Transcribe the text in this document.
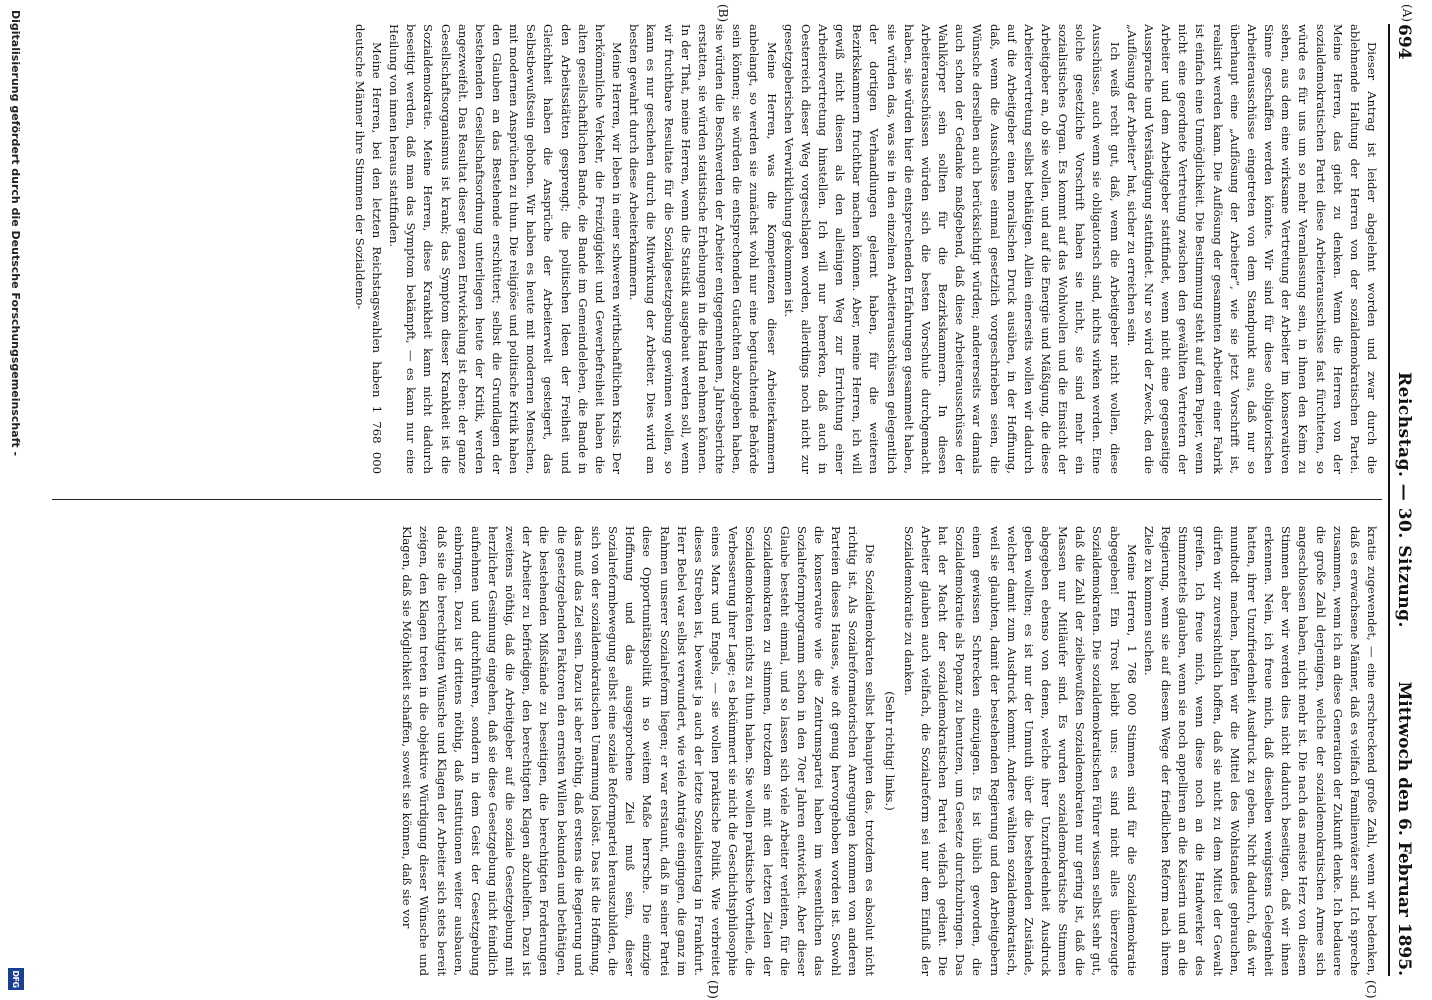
694
Reichstag. — 30. Sitzung.
Mittwoch den 6. Februar 1895.
(A)
(B)
(C)
(D)

Dieser Antrag ist leider abgelehnt worden und zwar durch die ablehnende Haltung der Herren von der sozialdemokratischen Partei. Meine Herren, das giebt zu denken. Wenn die Herren von der sozialdemokratischen Partei diese Arbeiterausschüsse fast fürchteten, so würde es für uns um so mehr Veranlassung sein, in ihnen den Keim zu sehen, aus dem eine wirksame Vertretung der Arbeiter im konservativen Sinne geschaffen werden könnte. Wir sind für diese obligatorischen Arbeiterausschüsse eingetreten von dem Standpunkt aus, daß nur so überhaupt eine „Auflösung der Arbeiter“, wie sie jetzt Vorschrift ist, realisirt werden kann. Die Auflösung der gesammten Arbeiter einer Fabrik ist einfach eine Unmöglichkeit. Die Bestimmung steht auf dem Papier, wenn nicht eine geordnete Vertretung zwischen den gewählten Vertretern der Arbeiter und dem Arbeitgeber stattfindet, wenn nicht eine gegenseitige Aussprache und Verständigung stattfindet. Nur so wird der Zweck, den die „Auflösung der Arbeiter“ hat, sicher zu erreichen sein.

Ich weiß recht gut, daß, wenn die Arbeitgeber nicht wollen, diese Ausschüsse, auch wenn sie obligatorisch sind, nichts wirken werden. Eine solche gesetzliche Vorschrift haben sie nicht, sie sind mehr ein sozialistisches Organ. Es kommt auf das Wohlwollen und die Einsicht der Arbeitgeber an, ob sie wollen, und auf die Energie und Mäßigung, die diese Arbeitervertretung selbst bethätigen. Allein einerseits wollen wir dadurch auf die Arbeitgeber einen moralischen Druck ausüben, in der Hoffnung, daß, wenn die Ausschüsse einmal gesetzlich vorgeschrieben seien, die Wünsche derselben auch berücksichtigt würden; andererseits war damals auch schon der Gedanke maßgebend, daß diese Arbeiterausschüsse der Wahlkörper sein sollten für die Bezirkskammern. In diesen Arbeiterausschüssen würden sich die besten Vorschule durchgemacht haben, sie würden hier die entsprechenden Erfahrungen gesammelt haben, sie würden das, was sie in den einzelnen Arbeiterausschüssen gelegentlich der dortigen Verhandlungen gelernt haben, für die weiteren Bezirkskammern fruchtbar machen können. Aber, meine Herren, ich will gewiß nicht diesen als den alleinigen Weg zur Errichtung einer Arbeitervertretung hinstellen. Ich will nur bemerken, daß auch in Oesterreich dieser Weg vorgeschlagen worden, allerdings noch nicht zur gesetzgeberischen Verwirklichung gekommen ist.

Meine Herren, was die Kompetenzen dieser Arbeiterkammern anbelangt, so werden sie zunächst wohl nur eine begutachtende Behörde sein können; sie würden die entsprechenden Gutachten abzugeben haben, sie würden die Beschwerden der Arbeiter entgegennehmen, Jahresberichte erstatten, sie würden statistische Erhebungen in die Hand nehmen können. In der That, meine Herren, wenn die Statistik ausgebaut werden soll, wenn wir fruchtbare Resultate für die Sozialgesetzgebung gewinnen wollen, so kann es nur geschehen durch die Mitwirkung der Arbeiter. Dies wird am besten gewahrt durch diese Arbeiterkammern.

Meine Herren, wir leben in einer schweren wirthschaftlichen Krisis. Der herkömmliche Verkehr, die Freizügigkeit und Gewerbefreiheit haben die alten gesellschaftlichen Bande, die Bande im Gemeindeleben, die Bande in den Arbeitsstätten gesprengt; die politischen Ideen der Freiheit und Gleichheit haben die Ansprüche der Arbeiterwelt gesteigert, das Selbstbewußtsein gehoben. Wir haben es heute mit modernen Menschen, mit modernen Ansprüchen zu thun. Die religiöse und politische Kritik haben den Glauben an das Bestehende erschüttert; selbst die Grundlagen der bestehenden Gesellschaftsordnung unterliegen heute der Kritik, werden angezweifelt. Das Resultat dieser ganzen Entwickelung ist eben: der ganze Gesellschaftsorganismus ist krank; das Symptom dieser Krankheit ist die Sozialdemokratie. Meine Herren, diese Krankheit kann nicht dadurch beseitigt werden, daß man das Symptom bekämpft, — es kann nur eine Heilung von innen heraus stattfinden.

Meine Herren, bei den letzten Reichstagswahlen haben 1 768 000 deutsche Männer ihre Stimmen der Sozialdemo-

kratie zugewendet, — eine erschreckend große Zahl, wenn wir bedenken, daß es erwachsene Männer, daß es vielfach Familienväter sind. Ich spreche zusammen, wenn ich an diese Generation der Zukunft denke. Ich bedauere die große Zahl derjenigen, welche der sozialdemokratischen Armee sich angeschlossen haben, nicht mehr ist. Die nach das meiste Herz von diesem Stimmen aber wir werden dies nicht dadurch beseitigen, daß wir ihnen erkennen. Nein, ich freue mich, daß dieselben wenigstens Gelegenheit hatten, ihrer Unzufriedenheit Ausdruck zu geben. Nicht dadurch, daß wir mundtodt machen, helfen wir die Mittel des Wohlstandes gebrauchen, dürfen wir zuversichtlich hoffen, daß sie nicht zu dem Mittel der Gewalt greifen. Ich freue mich, wenn diese noch an die Handwerker des Stimmzettels glauben, wenn sie noch appelliren an die Kaiserin und an die Regierung, wenn sie auf diesem Wege der friedlichen Reform nach ihrem Ziele zu kommen suchen.

Meine Herren, 1 768 000 Stimmen sind für die Sozialdemokratie abgegeben! Ein Trost bleibt uns: es sind nicht alles überzeugte Sozialdemokraten. Die sozialdemokratischen Führer wissen selbst sehr gut, daß die Zahl der zielbewußten Sozialdemokraten nur gering ist, daß die Massen nur Mitläufer sind. Es wurden sozialdemokratische Stimmen abgegeben ebenso von denen, welche ihrer Unzufriedenheit Ausdruck geben wollten; es ist nur der Unmuth über die bestehenden Zustände, welcher damit zum Ausdruck kommt. Andere wählten sozialdemokratisch, weil sie glaubten, damit der bestehenden Regierung und den Arbeitgebern einen gewissen Schrecken einzujagen. Es ist üblich geworden, die Sozialdemokratie als Popanz zu benutzen, um Gesetze durchzubringen. Das hat der Macht der sozialdemokratischen Partei vielfach gedient. Die Arbeiter glauben auch vielfach, die Sozialreform sei nur dem Einfluß der Sozialdemokratie zu danken.

(Sehr richtig! links.)

Die Sozialdemokraten selbst behaupten das, trotzdem es absolut nicht richtig ist. Als Sozialreformatorischen Anregungen kommen von anderen Parteien dieses Hauses, wie oft genug hervorgehoben worden ist. Sowohl die konservative wie die Zentrumspartei haben im wesentlichen das Sozialreformprogramm schon in den 70er Jahren entwickelt. Aber dieser Glaube besteht einmal, und so lassen sich viele Arbeiter verleiten, für die Sozialdemokraten zu stimmen, trotzdem sie mit den letzten Zielen der Sozialdemokraten nichts zu thun haben. Sie wollen praktische Vortheile, die Verbesserung ihrer Lage; es bekümmert sie nicht die Geschichtsphilosophie eines Marx und Engels, — sie wollen praktische Politik. Wie verbreitet dieses Streben ist, beweist ja auch der letzte Sozialistentag in Frankfurt. Herr Bebel war selbst verwundert, wie viele Anträge eingingen, die ganz im Rahmen unserer Sozialreform liegen; er war erstaunt, daß in seiner Partei diese Opportunitätspolitik in so weitem Maße herrsche. Die einzige Hoffnung und das ausgesprochene Ziel muß sein, dieser Sozialreformbewegung selbst eine soziale Reformpartei herauszubilden, die sich von der sozialdemokratischen Umarmung loslöst. Das ist die Hoffnung, das muß das Ziel sein. Dazu ist aber nöthig, daß erstens die Regierung und die gesetzgebenden Faktoren den ernsten Willen bekunden und bethätigen, die bestehenden Mißstände zu beseitigen, die berechtigten Forderungen der Arbeiter zu befriedigen, den berechtigten Klagen abzuhelfen. Dazu ist zweitens nöthig, daß die Arbeitgeber auf die soziale Gesetzgebung mit herzlicher Gesinnung eingehen, daß sie diese Gesetzgebung nicht feindlich aufnehmen und durchführen, sondern in dem Geist der Gesetzgebung einbringen. Dazu ist drittens nöthig, daß Institutionen weiter ausbauen, daß sie die berechtigten Wünsche und Klagen der Arbeiter sich stets bereit zeigen, den Klagen treten in die objektive Würdigung dieser Wünsche und Klagen, daß sie Möglichkeit schaffen, soweit sie können, daß sie vor

Digitalisierung gefördert durch die Deutsche Forschungsgemeinschaft -
DFG
